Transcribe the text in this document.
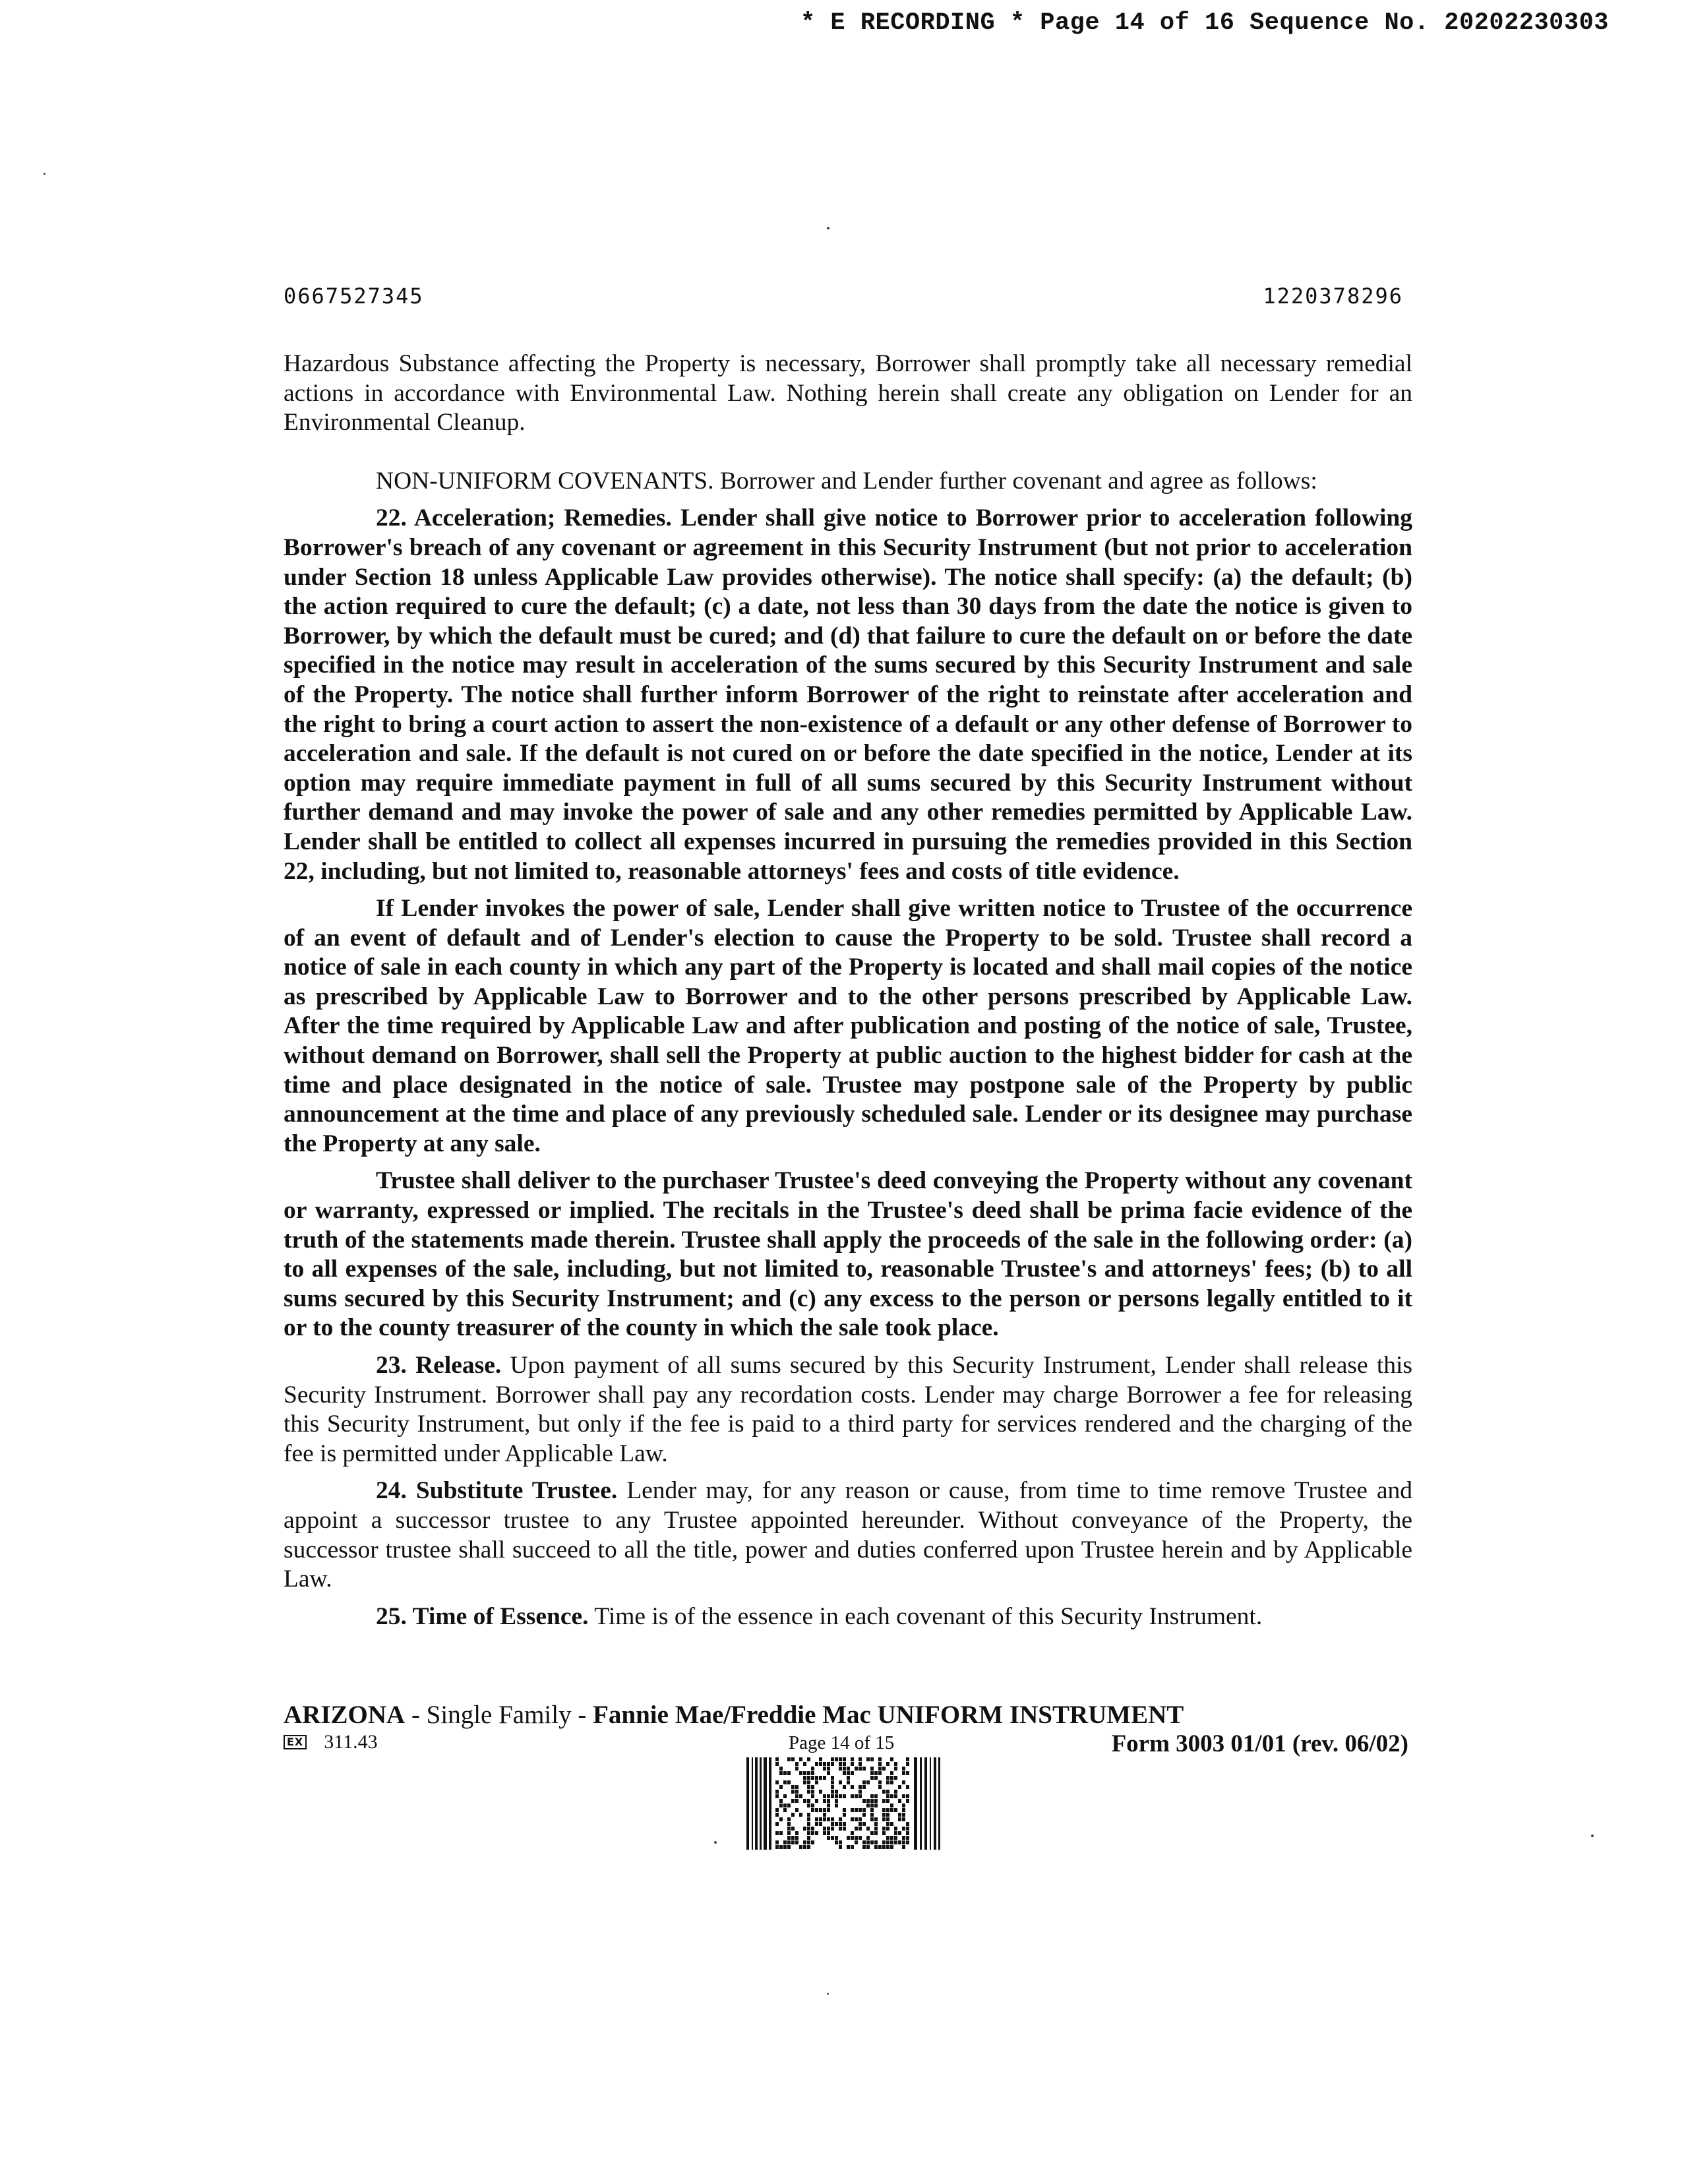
* E RECORDING * Page 14 of 16 Sequence No. 20202230303
0667527345	1220378296

Hazardous Substance affecting the Property is necessary, Borrower shall promptly take all necessary remedial actions in accordance with Environmental Law. Nothing herein shall create any obligation on Lender for an Environmental Cleanup.

NON-UNIFORM COVENANTS. Borrower and Lender further covenant and agree as follows:

22. Acceleration; Remedies. Lender shall give notice to Borrower prior to acceleration following Borrower's breach of any covenant or agreement in this Security Instrument (but not prior to acceleration under Section 18 unless Applicable Law provides otherwise). The notice shall specify: (a) the default; (b) the action required to cure the default; (c) a date, not less than 30 days from the date the notice is given to Borrower, by which the default must be cured; and (d) that failure to cure the default on or before the date specified in the notice may result in acceleration of the sums secured by this Security Instrument and sale of the Property. The notice shall further inform Borrower of the right to reinstate after acceleration and the right to bring a court action to assert the non-existence of a default or any other defense of Borrower to acceleration and sale. If the default is not cured on or before the date specified in the notice, Lender at its option may require immediate payment in full of all sums secured by this Security Instrument without further demand and may invoke the power of sale and any other remedies permitted by Applicable Law. Lender shall be entitled to collect all expenses incurred in pursuing the remedies provided in this Section 22, including, but not limited to, reasonable attorneys' fees and costs of title evidence.

If Lender invokes the power of sale, Lender shall give written notice to Trustee of the occurrence of an event of default and of Lender's election to cause the Property to be sold. Trustee shall record a notice of sale in each county in which any part of the Property is located and shall mail copies of the notice as prescribed by Applicable Law to Borrower and to the other persons prescribed by Applicable Law. After the time required by Applicable Law and after publication and posting of the notice of sale, Trustee, without demand on Borrower, shall sell the Property at public auction to the highest bidder for cash at the time and place designated in the notice of sale. Trustee may postpone sale of the Property by public announcement at the time and place of any previously scheduled sale. Lender or its designee may purchase the Property at any sale.

Trustee shall deliver to the purchaser Trustee's deed conveying the Property without any covenant or warranty, expressed or implied. The recitals in the Trustee's deed shall be prima facie evidence of the truth of the statements made therein. Trustee shall apply the proceeds of the sale in the following order: (a) to all expenses of the sale, including, but not limited to, reasonable Trustee's and attorneys' fees; (b) to all sums secured by this Security Instrument; and (c) any excess to the person or persons legally entitled to it or to the county treasurer of the county in which the sale took place.

23. Release. Upon payment of all sums secured by this Security Instrument, Lender shall release this Security Instrument. Borrower shall pay any recordation costs. Lender may charge Borrower a fee for releasing this Security Instrument, but only if the fee is paid to a third party for services rendered and the charging of the fee is permitted under Applicable Law.

24. Substitute Trustee. Lender may, for any reason or cause, from time to time remove Trustee and appoint a successor trustee to any Trustee appointed hereunder. Without conveyance of the Property, the successor trustee shall succeed to all the title, power and duties conferred upon Trustee herein and by Applicable Law.

25. Time of Essence. Time is of the essence in each covenant of this Security Instrument.

ARIZONA - Single Family - Fannie Mae/Freddie Mac UNIFORM INSTRUMENT
EX 311.43	Page 14 of 15	Form 3003 01/01 (rev. 06/02)
